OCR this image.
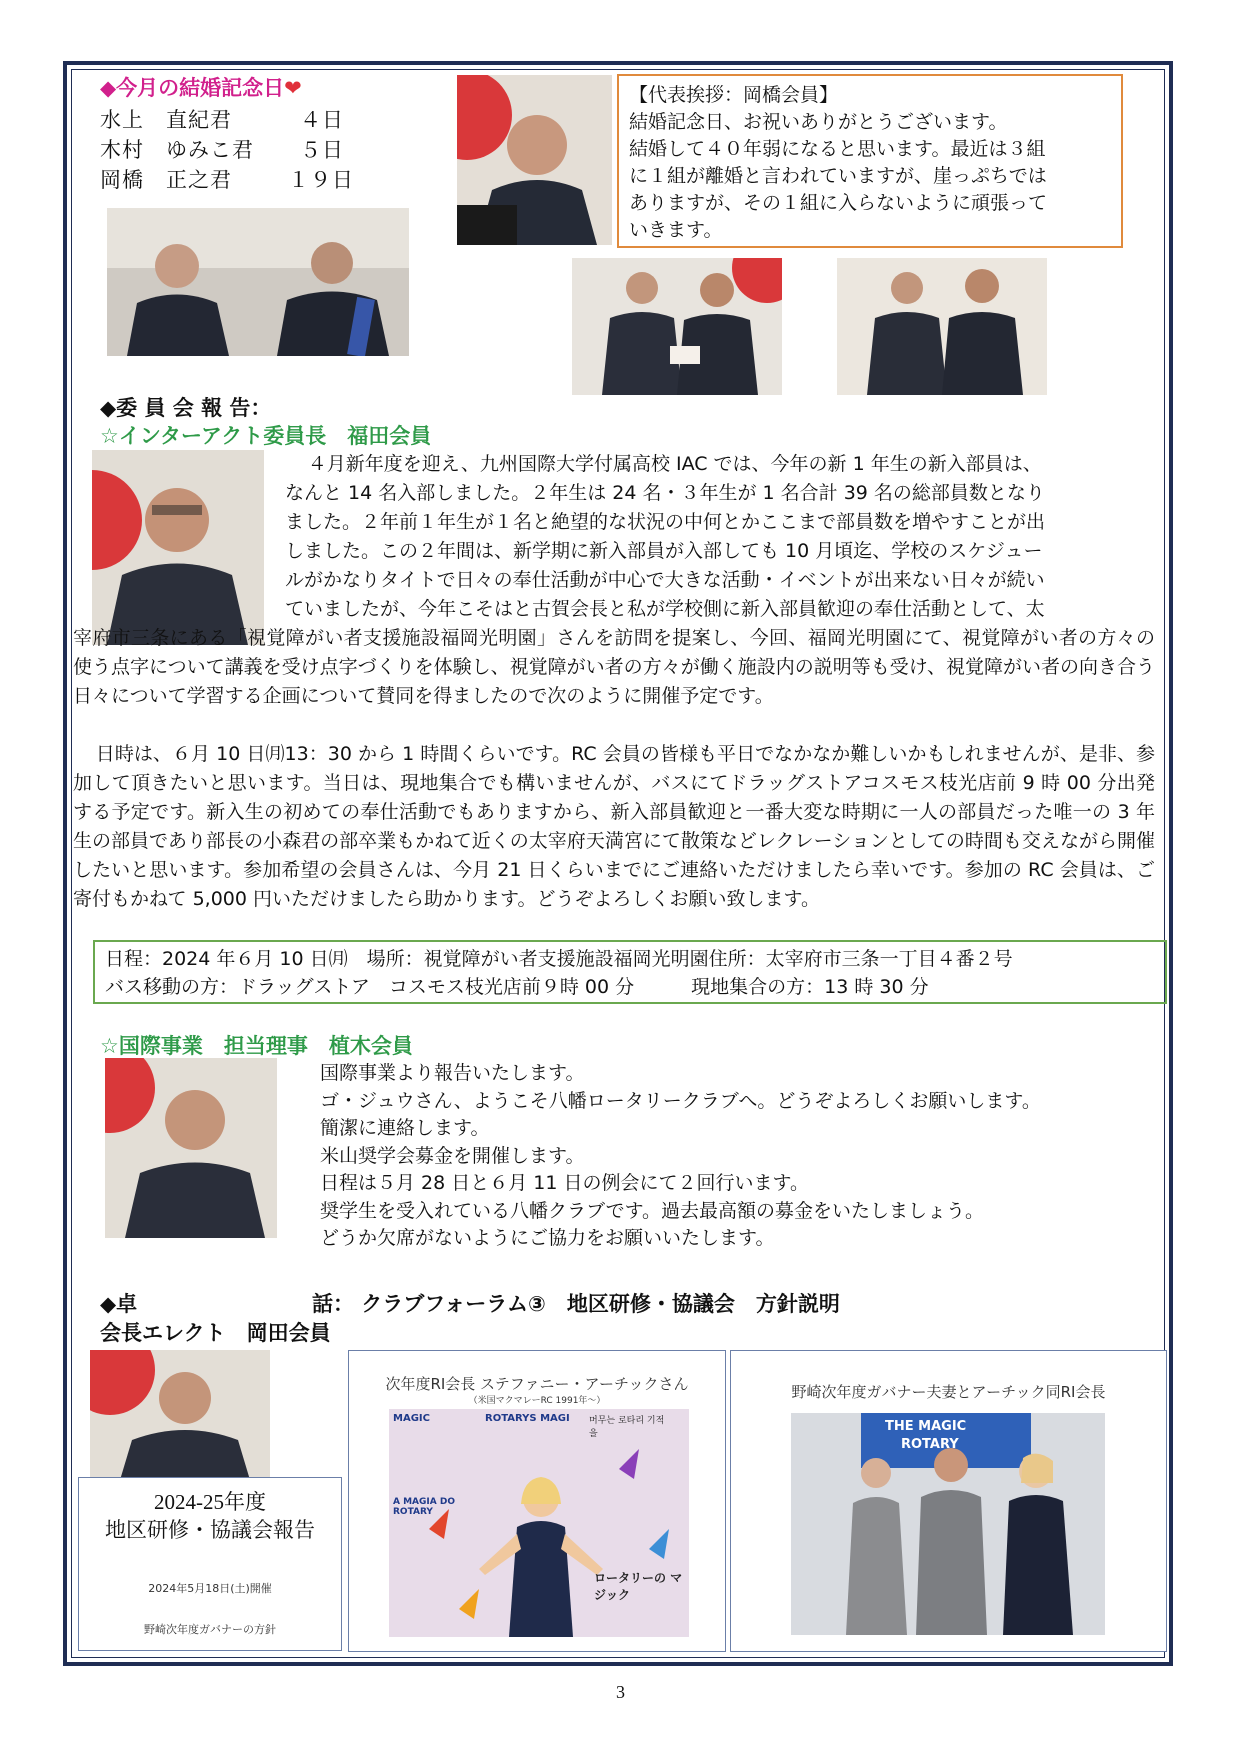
◆今月の結婚記念日❤
水上　直紀君	４日
木村　ゆみこ君 ５日
岡橋　正之君	１９日
【代表挨拶：岡橋会員】
結婚記念日、お祝いありがとうございます。
結婚して４０年弱になると思います。最近は３組
に１組が離婚と言われていますが、崖っぷちでは
ありますが、その１組に入らないように頑張って
いきます。
◆委 員 会 報 告：
☆インターアクト委員長　福田会員
４月新年度を迎え、九州国際大学付属高校 IAC では、今年の新 1 年生の新入部員は、
なんと 14 名入部しました。２年生は 24 名・３年生が 1 名合計 39 名の総部員数となり
ました。２年前１年生が１名と絶望的な状況の中何とかここまで部員数を増やすことが出
しました。この２年間は、新学期に新入部員が入部しても 10 月頃迄、学校のスケジュー
ルがかなりタイトで日々の奉仕活動が中心で大きな活動・イベントが出来ない日々が続い
ていましたが、今年こそはと古賀会長と私が学校側に新入部員歓迎の奉仕活動として、太
宰府市三条にある「視覚障がい者支援施設福岡光明園」さんを訪問を提案し、今回、福岡光明園にて、視覚障がい者の方々の使う点字について講義を受け点字づくりを体験し、視覚障がい者の方々が働く施設内の説明等も受け、視覚障がい者の向き合う日々について学習する企画について賛同を得ましたので次のように開催予定です。
日時は、６月 10 日㈪13：30 から 1 時間くらいです。RC 会員の皆様も平日でなかなか難しいかもしれませんが、是非、参加して頂きたいと思います。当日は、現地集合でも構いませんが、バスにてドラッグストアコスモス枝光店前 9 時 00 分出発する予定です。新入生の初めての奉仕活動でもありますから、新入部員歓迎と一番大変な時期に一人の部員だった唯一の 3 年生の部員であり部長の小森君の部卒業もかねて近くの太宰府天満宮にて散策などレクレーションとしての時間も交えながら開催したいと思います。参加希望の会員さんは、今月 21 日くらいまでにご連絡いただけましたら幸いです。参加の RC 会員は、ご寄付もかねて 5,000 円いただけましたら助かります。どうぞよろしくお願い致します。
日程：2024 年６月 10 日㈪　場所：視覚障がい者支援施設福岡光明園住所：太宰府市三条一丁目４番２号
バス移動の方：ドラッグストア　コスモス枝光店前９時 00 分　　　現地集合の方：13 時 30 分
☆国際事業　担当理事　植木会員
国際事業より報告いたします。
ゴ・ジュウさん、ようこそ八幡ロータリークラブへ。どうぞよろしくお願いします。
簡潔に連絡します。
米山奨学会募金を開催します。
日程は５月 28 日と６月 11 日の例会にて２回行います。
奨学生を受入れている八幡クラブです。過去最高額の募金をいたしましょう。
どうか欠席がないようにご協力をお願いいたします。
◆卓	話： クラブフォーラム③　地区研修・協議会　方針説明
会長エレクト　岡田会員
2024-25年度
地区研修・協議会報告
2024年5月18日(土)開催
野崎次年度ガバナーの方針
次年度RI会長 ステファニー・アーチックさん
（米国マクマレーRC 1991年～）
MAGIC	ROTARYS MAGI 머무는 로타리 기적을
A MAGIA DO ROTARY
ロータリーの マジック
野崎次年度ガバナー夫妻とアーチック同RI会長
THE MAGIC
ROTARY
3
